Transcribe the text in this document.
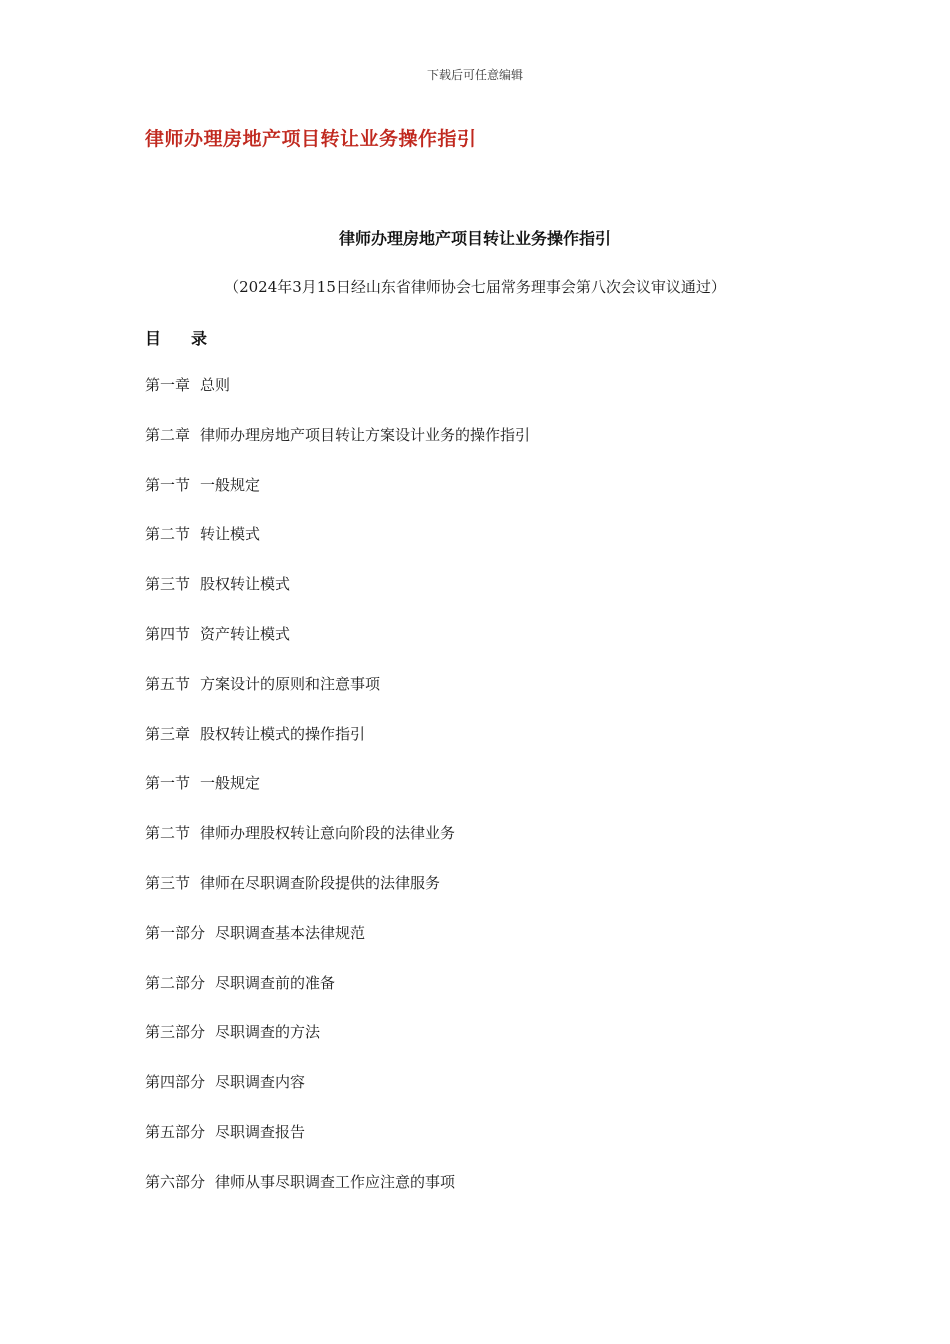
下载后可任意编辑
律师办理房地产项目转让业务操作指引
律师办理房地产项目转让业务操作指引
（2024年3月15日经山东省律师协会七届常务理事会第八次会议审议通过）
目 录
第一章 总则
第二章 律师办理房地产项目转让方案设计业务的操作指引
第一节 一般规定
第二节 转让模式
第三节 股权转让模式
第四节 资产转让模式
第五节 方案设计的原则和注意事项
第三章 股权转让模式的操作指引
第一节 一般规定
第二节 律师办理股权转让意向阶段的法律业务
第三节 律师在尽职调查阶段提供的法律服务
第一部分 尽职调查基本法律规范
第二部分 尽职调查前的准备
第三部分 尽职调查的方法
第四部分 尽职调查内容
第五部分 尽职调查报告
第六部分 律师从事尽职调查工作应注意的事项
